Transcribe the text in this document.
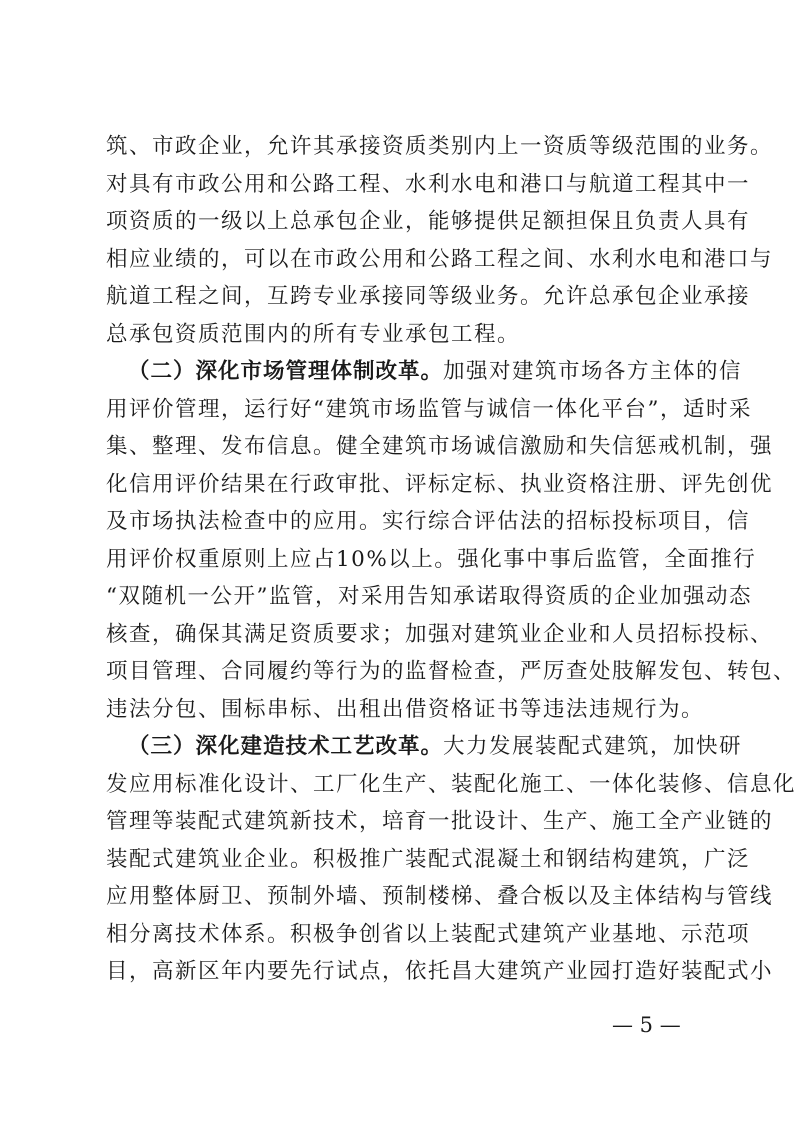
筑、市政企业，允许其承接资质类别内上一资质等级范围的业务。
对具有市政公用和公路工程、水利水电和港口与航道工程其中一
项资质的一级以上总承包企业，能够提供足额担保且负责人具有
相应业绩的，可以在市政公用和公路工程之间、水利水电和港口与
航道工程之间，互跨专业承接同等级业务。允许总承包企业承接
总承包资质范围内的所有专业承包工程。
（二）深化市场管理体制改革。加强对建筑市场各方主体的信
用评价管理，运行好“建筑市场监管与诚信一体化平台”，适时采
集、整理、发布信息。健全建筑市场诚信激励和失信惩戒机制，强
化信用评价结果在行政审批、评标定标、执业资格注册、评先创优
及市场执法检查中的应用。实行综合评估法的招标投标项目，信
用评价权重原则上应占10%以上。强化事中事后监管，全面推行
“双随机一公开”监管，对采用告知承诺取得资质的企业加强动态
核查，确保其满足资质要求；加强对建筑业企业和人员招标投标、
项目管理、合同履约等行为的监督检查，严厉查处肢解发包、转包、
违法分包、围标串标、出租出借资格证书等违法违规行为。
（三）深化建造技术工艺改革。大力发展装配式建筑，加快研
发应用标准化设计、工厂化生产、装配化施工、一体化装修、信息化
管理等装配式建筑新技术，培育一批设计、生产、施工全产业链的
装配式建筑业企业。积极推广装配式混凝土和钢结构建筑，广泛
应用整体厨卫、预制外墙、预制楼梯、叠合板以及主体结构与管线
相分离技术体系。积极争创省以上装配式建筑产业基地、示范项
目，高新区年内要先行试点，依托昌大建筑产业园打造好装配式小
— 5 —
